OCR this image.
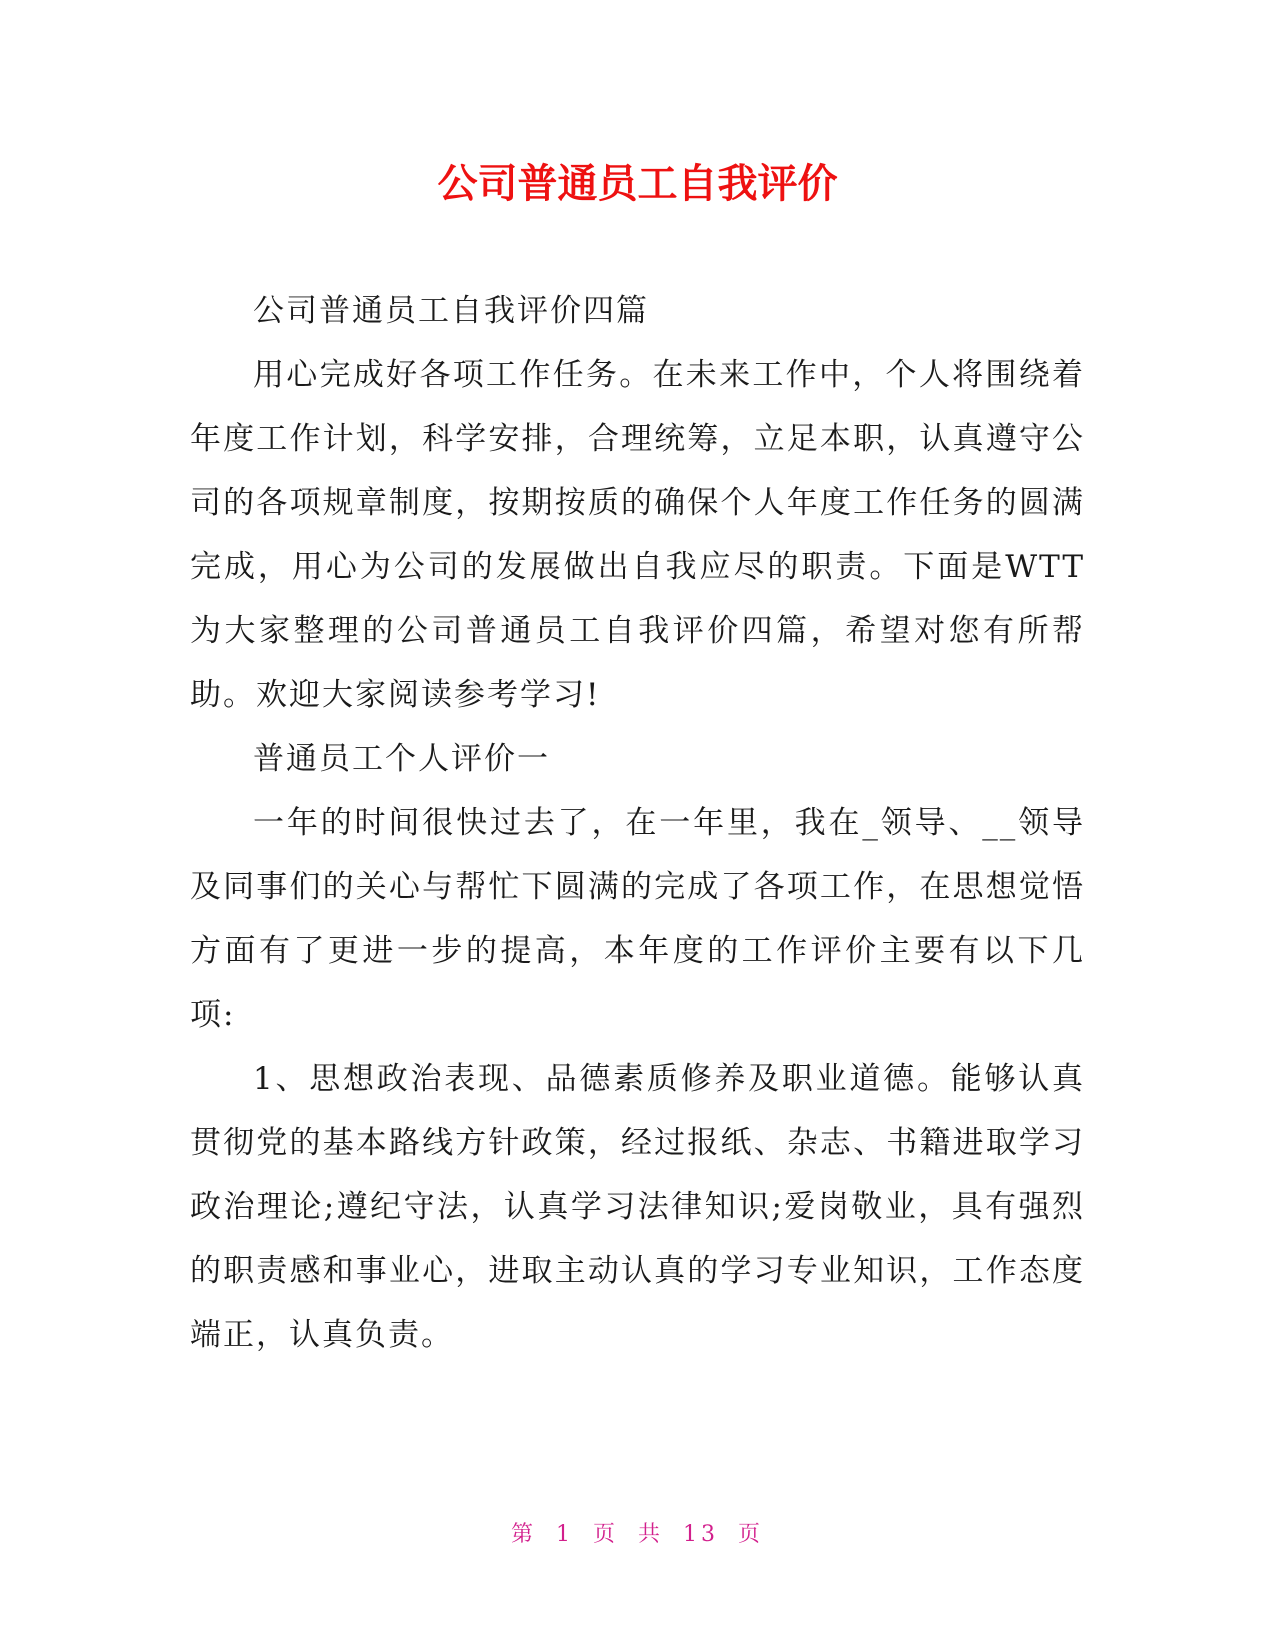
公司普通员工自我评价

公司普通员工自我评价四篇

用心完成好各项工作任务。在未来工作中，个人将围绕着年度工作计划，科学安排，合理统筹，立足本职，认真遵守公司的各项规章制度，按期按质的确保个人年度工作任务的圆满完成，用心为公司的发展做出自我应尽的职责。下面是WTT为大家整理的公司普通员工自我评价四篇，希望对您有所帮助。欢迎大家阅读参考学习!

普通员工个人评价一

一年的时间很快过去了，在一年里，我在_领导、__领导及同事们的关心与帮忙下圆满的完成了各项工作，在思想觉悟方面有了更进一步的提高，本年度的工作评价主要有以下几项:

1、思想政治表现、品德素质修养及职业道德。能够认真贯彻党的基本路线方针政策，经过报纸、杂志、书籍进取学习政治理论;遵纪守法，认真学习法律知识;爱岗敬业，具有强烈的职责感和事业心，进取主动认真的学习专业知识，工作态度端正，认真负责。

第 1 页 共 13 页
